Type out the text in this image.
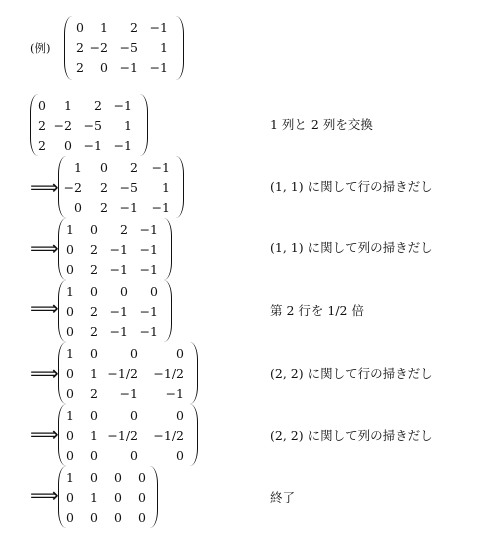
(例)
0 1 2 −1
2 −2 −5 1
2 0 −1 −1
0 1 2 −1
2 −2 −5 1
2 0 −1 −1
1 列と 2 列を交換
⟹
1 0 2 −1
−2 2 −5 1
0 2 −1 −1
(1, 1) に関して行の掃きだし
⟹
1 0 2 −1
0 2 −1 −1
0 2 −1 −1
(1, 1) に関して列の掃きだし
⟹
1 0 0 0
0 2 −1 −1
0 2 −1 −1
第 2 行を 1/2 倍
⟹
1 0	0	0
0 1 −1/2 −1/2
0 2 −1 −1
(2, 2) に関して行の掃きだし
⟹
1 0	0	0
0 1 −1/2 −1/2
0 0	0	0
(2, 2) に関して列の掃きだし
⟹
1 0 0 0
0 1 0 0
0 0 0 0
終了
